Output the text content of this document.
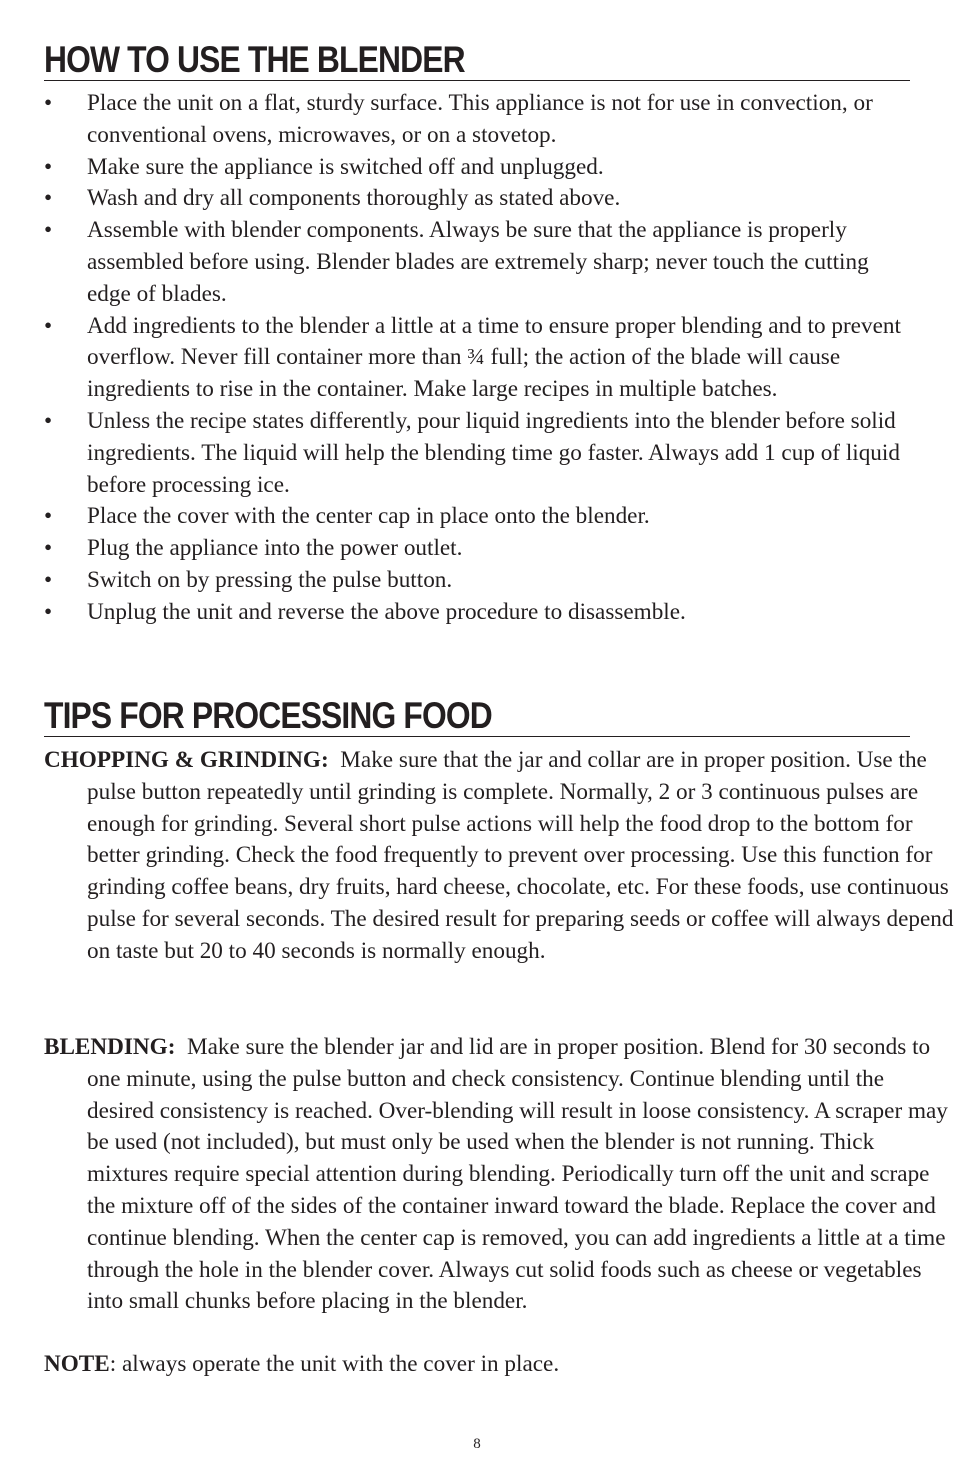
HOW TO USE THE BLENDER
• Place the unit on a flat, sturdy surface. This appliance is not for use in convection, or conventional ovens, microwaves, or on a stovetop.
• Make sure the appliance is switched off and unplugged.
• Wash and dry all components thoroughly as stated above.
• Assemble with blender components. Always be sure that the appliance is properly assembled before using. Blender blades are extremely sharp; never touch the cutting edge of blades.
• Add ingredients to the blender a little at a time to ensure proper blending and to prevent overflow. Never fill container more than ¾ full; the action of the blade will cause ingredients to rise in the container. Make large recipes in multiple batches.
• Unless the recipe states differently, pour liquid ingredients into the blender before solid ingredients. The liquid will help the blending time go faster. Always add 1 cup of liquid before processing ice.
• Place the cover with the center cap in place onto the blender.
• Plug the appliance into the power outlet.
• Switch on by pressing the pulse button.
• Unplug the unit and reverse the above procedure to disassemble.
TIPS FOR PROCESSING FOOD

CHOPPING & GRINDING: Make sure that the jar and collar are in proper position. Use the pulse button repeatedly until grinding is complete. Normally, 2 or 3 continuous pulses are enough for grinding. Several short pulse actions will help the food drop to the bottom for better grinding. Check the food frequently to prevent over processing. Use this function for grinding coffee beans, dry fruits, hard cheese, chocolate, etc. For these foods, use continuous pulse for several seconds. The desired result for preparing seeds or coffee will always depend on taste but 20 to 40 seconds is normally enough.

BLENDING: Make sure the blender jar and lid are in proper position. Blend for 30 seconds to one minute, using the pulse button and check consistency. Continue blending until the desired consistency is reached. Over-blending will result in loose consistency. A scraper may be used (not included), but must only be used when the blender is not running. Thick mixtures require special attention during blending. Periodically turn off the unit and scrape the mixture off of the sides of the container inward toward the blade. Replace the cover and continue blending. When the center cap is removed, you can add ingredients a little at a time through the hole in the blender cover. Always cut solid foods such as cheese or vegetables into small chunks before placing in the blender.

NOTE: always operate the unit with the cover in place.

8
